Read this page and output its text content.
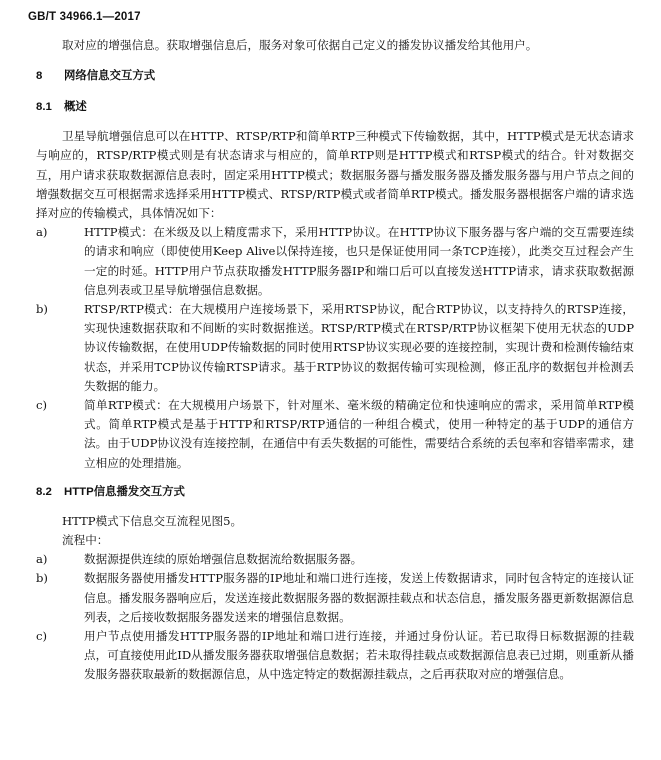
GB/T 34966.1—2017

取对应的增强信息。获取增强信息后，服务对象可依据自己定义的播发协议播发给其他用户。

8 网络信息交互方式

8.1 概述

卫星导航增强信息可以在HTTP、RTSP/RTP和简单RTP三种模式下传输数据，其中，HTTP模式是无状态请求与响应的，RTSP/RTP模式则是有状态请求与相应的，简单RTP则是HTTP模式和RTSP模式的结合。针对数据交互，用户请求获取数据源信息表时，固定采用HTTP模式；数据服务器与播发服务器及播发服务器与用户节点之间的增强数据交互可根据需求选择采用HTTP模式、RTSP/RTP模式或者简单RTP模式。播发服务器根据客户端的请求选择对应的传输模式，具体情况如下：

a)	HTTP模式：在米级及以上精度需求下，采用HTTP协议。在HTTP协议下服务器与客户端的交互需要连续的请求和响应（即使使用Keep Alive以保持连接，也只是保证使用同一条TCP连接），此类交互过程会产生一定的时延。HTTP用户节点获取播发HTTP服务器IP和端口后可以直接发送HTTP请求，请求获取数据源信息列表或卫星导航增强信息数据。
b)	RTSP/RTP模式：在大规模用户连接场景下，采用RTSP协议，配合RTP协议，以支持持久的RTSP连接，实现快速数据获取和不间断的实时数据推送。RTSP/RTP模式在RTSP/RTP协议框架下使用无状态的UDP协议传输数据，在使用UDP传输数据的同时使用RTSP协议实现必要的连接控制，实现计费和检测传输结束状态，并采用TCP协议传输RTSP请求。基于RTP协议的数据传输可实现检测，修正乱序的数据包并检测丢失数据的能力。
c)	简单RTP模式：在大规模用户场景下，针对厘米、毫米级的精确定位和快速响应的需求，采用简单RTP模式。简单RTP模式是基于HTTP和RTSP/RTP通信的一种组合模式，使用一种特定的基于UDP的通信方法。由于UDP协议没有连接控制，在通信中有丢失数据的可能性，需要结合系统的丢包率和容错率需求，建立相应的处理措施。

8.2 HTTP信息播发交互方式

HTTP模式下信息交互流程见图5。

流程中：

a)	数据源提供连续的原始增强信息数据流给数据服务器。
b)	数据服务器使用播发HTTP服务器的IP地址和端口进行连接，发送上传数据请求，同时包含特定的连接认证信息。播发服务器响应后，发送连接此数据服务器的数据源挂载点和状态信息，播发服务器更新数据源信息列表，之后接收数据服务器发送来的增强信息数据。
c)	用户节点使用播发HTTP服务器的IP地址和端口进行连接，并通过身份认证。若已取得日标数据源的挂载点，可直接使用此ID从播发服务器获取增强信息数据；若未取得挂载点或数据源信息表已过期，则重新从播发服务器获取最新的数据源信息，从中选定特定的数据源挂载点，之后再获取对应的增强信息。
